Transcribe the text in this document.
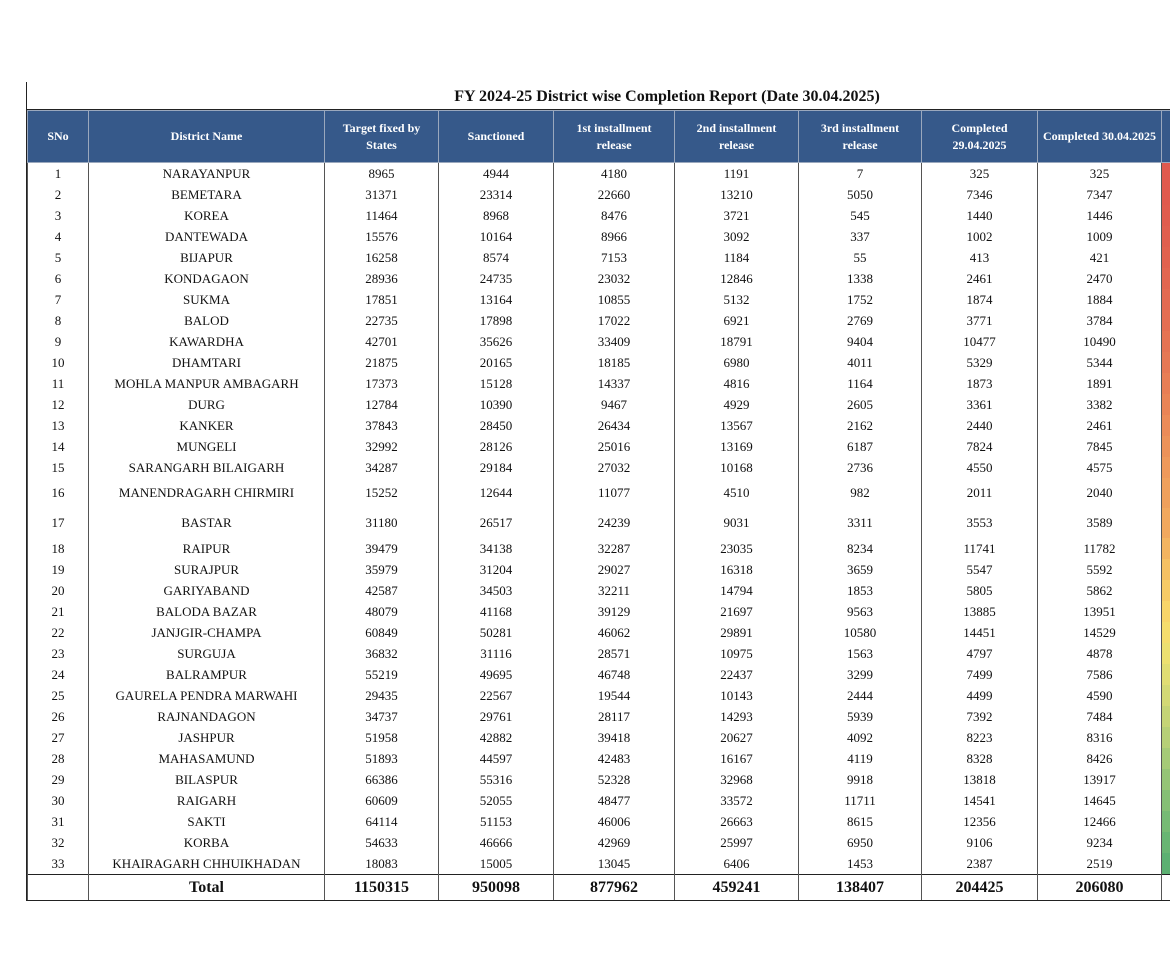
FY 2024-25 District wise Completion Report (Date 30.04.2025)
SNo	District Name	Target fixed by States	Sanctioned	1st installment release	2nd installment release	3rd installment release	Completed 29.04.2025	Completed 30.04.2025	
1	NARAYANPUR	8965	4944	4180	1191	7	325	325	
2	BEMETARA	31371	23314	22660	13210	5050	7346	7347	
3	KOREA	11464	8968	8476	3721	545	1440	1446	
4	DANTEWADA	15576	10164	8966	3092	337	1002	1009	
5	BIJAPUR	16258	8574	7153	1184	55	413	421	
6	KONDAGAON	28936	24735	23032	12846	1338	2461	2470	
7	SUKMA	17851	13164	10855	5132	1752	1874	1884	
8	BALOD	22735	17898	17022	6921	2769	3771	3784	
9	KAWARDHA	42701	35626	33409	18791	9404	10477	10490	
10	DHAMTARI	21875	20165	18185	6980	4011	5329	5344	
11	MOHLA MANPUR AMBAGARH	17373	15128	14337	4816	1164	1873	1891	
12	DURG	12784	10390	9467	4929	2605	3361	3382	
13	KANKER	37843	28450	26434	13567	2162	2440	2461	
14	MUNGELI	32992	28126	25016	13169	6187	7824	7845	
15	SARANGARH BILAIGARH	34287	29184	27032	10168	2736	4550	4575	
16	MANENDRAGARH CHIRMIRI	15252	12644	11077	4510	982	2011	2040	
17	BASTAR	31180	26517	24239	9031	3311	3553	3589	
18	RAIPUR	39479	34138	32287	23035	8234	11741	11782	
19	SURAJPUR	35979	31204	29027	16318	3659	5547	5592	
20	GARIYABAND	42587	34503	32211	14794	1853	5805	5862	
21	BALODA BAZAR	48079	41168	39129	21697	9563	13885	13951	
22	JANJGIR-CHAMPA	60849	50281	46062	29891	10580	14451	14529	
23	SURGUJA	36832	31116	28571	10975	1563	4797	4878	
24	BALRAMPUR	55219	49695	46748	22437	3299	7499	7586	
25	GAURELA PENDRA MARWAHI	29435	22567	19544	10143	2444	4499	4590	
26	RAJNANDAGON	34737	29761	28117	14293	5939	7392	7484	
27	JASHPUR	51958	42882	39418	20627	4092	8223	8316	
28	MAHASAMUND	51893	44597	42483	16167	4119	8328	8426	
29	BILASPUR	66386	55316	52328	32968	9918	13818	13917	
30	RAIGARH	60609	52055	48477	33572	11711	14541	14645	
31	SAKTI	64114	51153	46006	26663	8615	12356	12466	
32	KORBA	54633	46666	42969	25997	6950	9106	9234	
33	KHAIRAGARH CHHUIKHADAN	18083	15005	13045	6406	1453	2387	2519	
	Total	1150315	950098	877962	459241	138407	204425	206080	
